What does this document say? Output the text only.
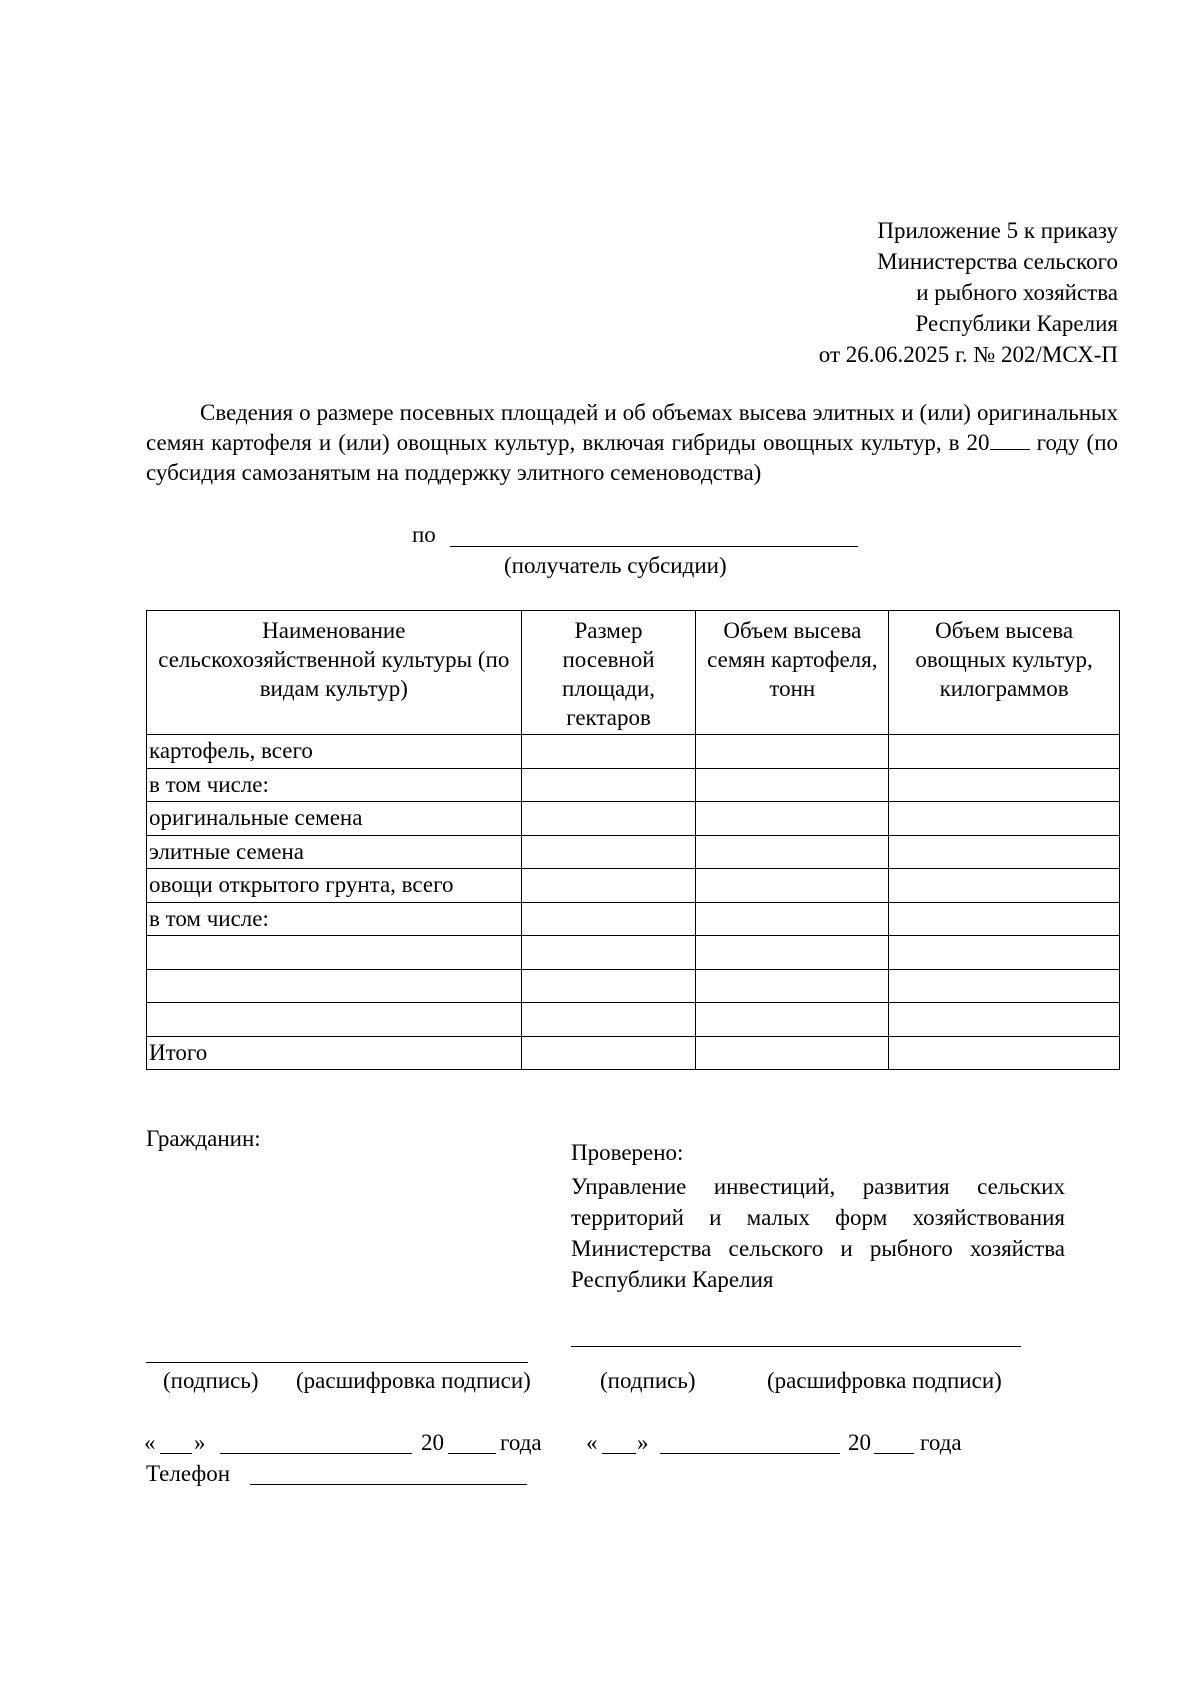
Приложение 5 к приказу
Министерства сельского
и рыбного хозяйства
Республики Карелия
от 26.06.2025 г. № 202/МСХ-П

Сведения о размере посевных площадей и об объемах высева элитных и (или) оригинальных семян картофеля и (или) овощных культур, включая гибриды овощных культур, в 20 году (по субсидия самозанятым на поддержку элитного семеноводства)

по
(получатель субсидии)
Наименование сельскохозяйственной культуры (по видам культур)	Размер посевной площади, гектаров	Объем высева семян картофеля, тонн	Объем высева овощных культур, килограммов
картофель, всего			
в том числе:			
оригинальные семена			
элитные семена			
овощи открытого грунта, всего			
в том числе:			

Итого			
Гражданин:
Проверено:
Управление инвестиций, развития сельских территорий и малых форм хозяйствования Министерства сельского и рыбного хозяйства Республики Карелия
(подпись) (расшифровка подписи)	(подпись)	(расшифровка подписи)
« »	20 года « »	20 года
Телефон
